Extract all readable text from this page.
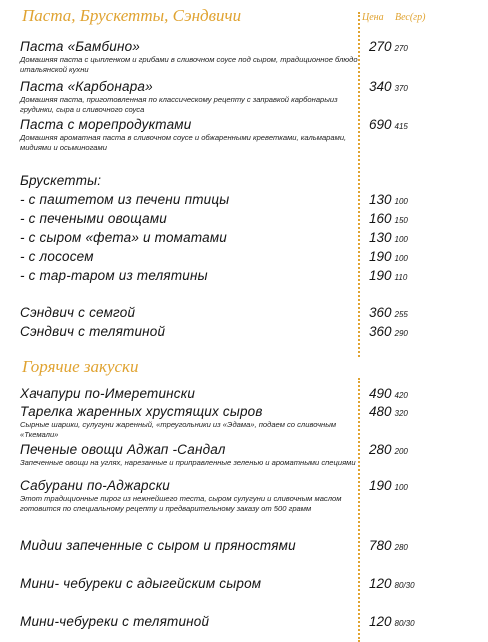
Паста, Брускетты, Сэндвичи	Цена Вес(гр)
Горячие закуски
Паста «Бамбино»
Домашняя паста с цыпленком и грибами в сливочном соусе под сыром, традиционное блюдо итальянской кухни
270 270
Паста «Карбонара»
Домашняя паста, приготовленная по классическому рецепту с заправкой карбонарыиз грудинки, сыра и сливочного соуса
340 370
Паста с морепродуктами
Домашняя ароматная паста в сливочном соусе и обжаренными креветками, кальмарами, мидиями и осьминогами
690 415
Брускетты:
- с паштетом из печени птицы	130 100
- с печеными овощами	160 150
- с сыром «фета» и томатами	130 100
- с лососем	190 100
- с тар-таром из телятины	190 110
Сэндвич с семгой	360 255
Сэндвич с телятиной	360 290
Хачапури по-Имеретински	490 420
Тарелка жаренных хрустящих сыров
Сырные шарики, сулугуни жаренный, «треугольники из «Эдама», подаем со сливочным «Ткемали»
480 320
Печеные овощи Аджап -Сандал
Запеченные овощи на углях, нарезанные и приправленные зеленью и ароматными специями
280 200
Сабурани по-Аджарски
Этот традиционные пирог из нежнейшего теста, сыром сулугуни и сливочным маслом готовится по специальному рецепту и предварительному заказу от 500 грамм
190 100
Мидии запеченные с сыром и пряностями	780 280
Мини- чебуреки с адыгейским сыром	120 80/30
Мини-чебуреки с телятиной	120 80/30
